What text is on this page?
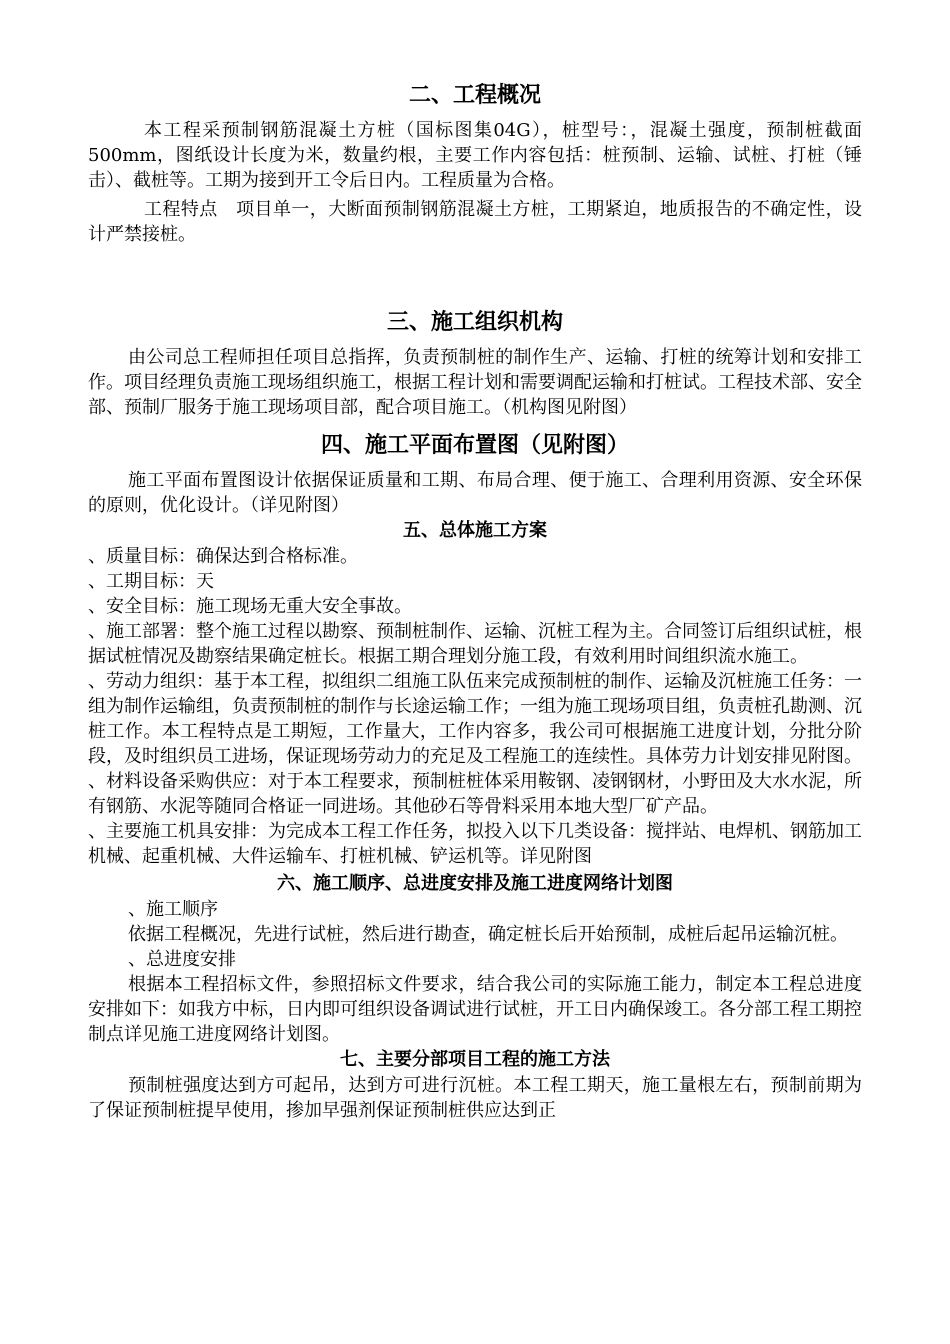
二、工程概况

本工程采预制钢筋混凝土方桩（国标图集04G），桩型号：，混凝土强度，预制桩截面500mm，图纸设计长度为米，数量约根，主要工作内容包括：桩预制、运输、试桩、打桩（锤击）、截桩等。工期为接到开工令后日内。工程质量为合格。

工程特点　项目单一，大断面预制钢筋混凝土方桩，工期紧迫，地质报告的不确定性，设计严禁接桩。

三、施工组织机构

由公司总工程师担任项目总指挥，负责预制桩的制作生产、运输、打桩的统筹计划和安排工作。项目经理负责施工现场组织施工，根据工程计划和需要调配运输和打桩试。工程技术部、安全部、预制厂服务于施工现场项目部，配合项目施工。（机构图见附图）

四、施工平面布置图（见附图）

施工平面布置图设计依据保证质量和工期、布局合理、便于施工、合理利用资源、安全环保的原则，优化设计。（详见附图）

五、总体施工方案

、质量目标：确保达到合格标准。

、工期目标：天

、安全目标：施工现场无重大安全事故。

、施工部署：整个施工过程以勘察、预制桩制作、运输、沉桩工程为主。合同签订后组织试桩，根据试桩情况及勘察结果确定桩长。根据工期合理划分施工段，有效利用时间组织流水施工。

、劳动力组织：基于本工程，拟组织二组施工队伍来完成预制桩的制作、运输及沉桩施工任务：一组为制作运输组，负责预制桩的制作与长途运输工作；一组为施工现场项目组，负责桩孔勘测、沉桩工作。本工程特点是工期短，工作量大，工作内容多，我公司可根据施工进度计划，分批分阶段，及时组织员工进场，保证现场劳动力的充足及工程施工的连续性。具体劳力计划安排见附图。

、材料设备采购供应：对于本工程要求，预制桩桩体采用鞍钢、凌钢钢材，小野田及大水水泥，所有钢筋、水泥等随同合格证一同进场。其他砂石等骨料采用本地大型厂矿产品。

、主要施工机具安排：为完成本工程工作任务，拟投入以下几类设备：搅拌站、电焊机、钢筋加工机械、起重机械、大件运输车、打桩机械、铲运机等。详见附图

六、施工顺序、总进度安排及施工进度网络计划图

、施工顺序

依据工程概况，先进行试桩，然后进行勘查，确定桩长后开始预制，成桩后起吊运输沉桩。

、总进度安排

根据本工程招标文件，参照招标文件要求，结合我公司的实际施工能力，制定本工程总进度安排如下：如我方中标，日内即可组织设备调试进行试桩，开工日内确保竣工。各分部工程工期控制点详见施工进度网络计划图。

七、主要分部项目工程的施工方法

预制桩强度达到方可起吊，达到方可进行沉桩。本工程工期天，施工量根左右，预制前期为了保证预制桩提早使用，掺加早强剂保证预制桩供应达到正
